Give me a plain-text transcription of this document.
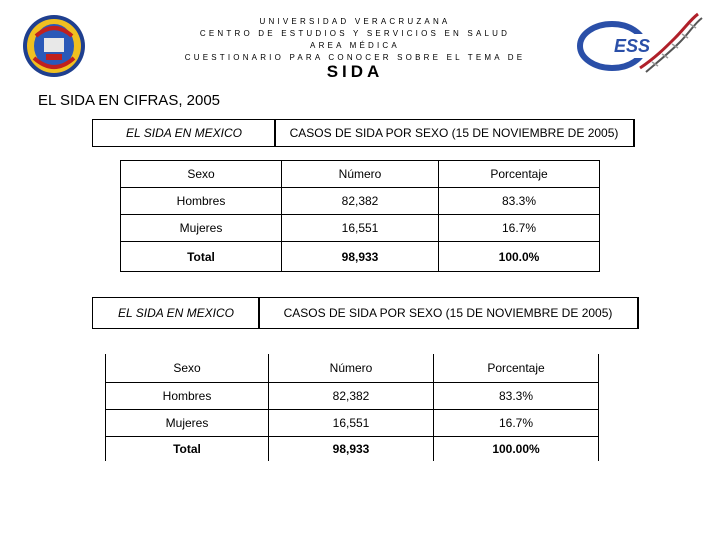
UNIVERSIDAD VERACRUZANA
CENTRO DE ESTUDIOS Y SERVICIOS EN SALUD
AREA MÉDICA
CUESTIONARIO PARA CONOCER SOBRE EL TEMA DE
SIDA
ESS
EL SIDA EN CIFRAS, 2005
EL SIDA EN MEXICO	CASOS DE SIDA POR SEXO (15 DE NOVIEMBRE DE 2005)
Sexo	Número	Porcentaje
Hombres	82,382	83.3%
Mujeres	16,551	16.7%
Total	98,933	100.0%
EL SIDA EN MEXICO	CASOS DE SIDA POR SEXO (15 DE NOVIEMBRE DE 2005)
Sexo	Número	Porcentaje
Hombres	82,382	83.3%
Mujeres	16,551	16.7%
Total	98,933	100.00%
